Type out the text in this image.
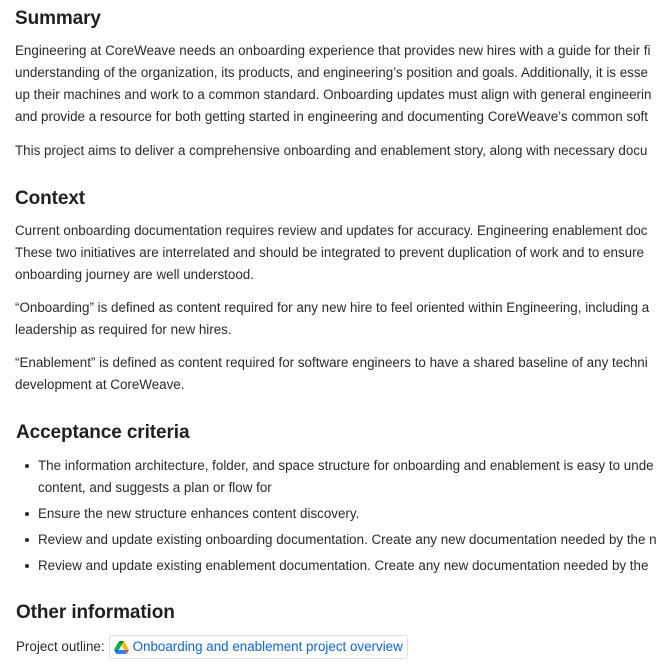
Summary

Engineering at CoreWeave needs an onboarding experience that provides new hires with a guide for their fi

understanding of the organization, its products, and engineering’s position and goals. Additionally, it is esse

up their machines and work to a common standard. Onboarding updates must align with general engineerin

and provide a resource for both getting started in engineering and documenting CoreWeave’s common soft

This project aims to deliver a comprehensive onboarding and enablement story, along with necessary docu

Context

Current onboarding documentation requires review and updates for accuracy. Engineering enablement doc

These two initiatives are interrelated and should be integrated to prevent duplication of work and to ensure

onboarding journey are well understood.

“Onboarding” is defined as content required for any new hire to feel oriented within Engineering, including a

leadership as required for new hires.

“Enablement” is defined as content required for software engineers to have a shared baseline of any techni

development at CoreWeave.

Acceptance criteria
The information architecture, folder, and space structure for onboarding and enablement is easy to unde
content, and suggests a plan or flow for
Ensure the new structure enhances content discovery.
Review and update existing onboarding documentation. Create any new documentation needed by the n
Review and update existing enablement documentation. Create any new documentation needed by the
Other information
Project outline: Onboarding and enablement project overview
